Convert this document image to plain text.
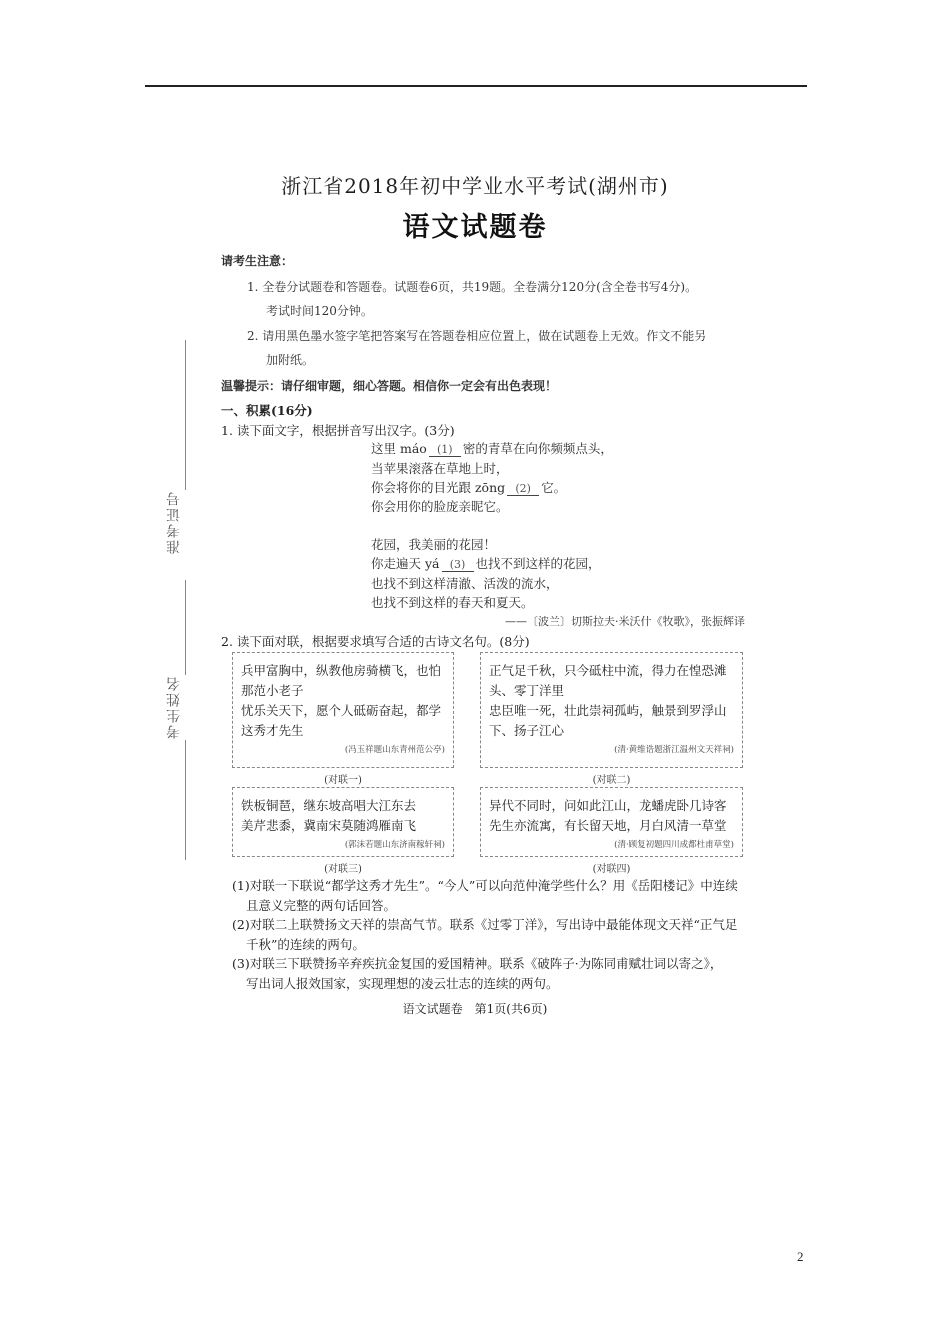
浙江省2018年初中学业水平考试(湖州市)
语文试题卷
准考证号
考生姓名
请考生注意：
1. 全卷分试题卷和答题卷。试题卷6页，共19题。全卷满分120分(含全卷书写4分)。
考试时间120分钟。
2. 请用黑色墨水签字笔把答案写在答题卷相应位置上，做在试题卷上无效。作文不能另
加附纸。
温馨提示：请仔细审题，细心答题。相信你一定会有出色表现！
一、积累(16分)
1. 读下面文字，根据拼音写出汉字。(3分)
这里 máo (1) 密的青草在向你频频点头，
当苹果滚落在草地上时，
你会将你的目光跟 zōng (2) 它。
你会用你的脸庞亲昵它。
花园，我美丽的花园！
你走遍天 yá (3) 也找不到这样的花园，
也找不到这样清澈、活泼的流水，
也找不到这样的春天和夏天。
——〔波兰〕切斯拉夫·米沃什《牧歌》，张振辉译
2. 读下面对联，根据要求填写合适的古诗文名句。(8分)
兵甲富胸中，纵教他房骑横飞，也怕
那范小老子
忧乐关天下，愿个人砥砺奋起，都学
这秀才先生
(冯玉祥题山东青州范公亭)
(对联一)
正气足千秋，只今砥柱中流，得力在惶恐滩
头、零丁洋里
忠臣唯一死，壮此崇祠孤屿，触景到罗浮山
下、扬子江心
(清·黄维诰题浙江温州文天祥祠)
(对联二)
铁板铜琶，继东坡高唱大江东去
美芹悲黍，冀南宋莫随鸿雁南飞
(郭沫若题山东济南稼轩祠)
(对联三)
异代不同时，问如此江山，龙蟠虎卧几诗客
先生亦流寓，有长留天地，月白风清一草堂
(清·顾复初题四川成都杜甫草堂)
(对联四)
(1)对联一下联说“都学这秀才先生”。“今人”可以向范仲淹学些什么？用《岳阳楼记》中连续
且意义完整的两句话回答。
(2)对联二上联赞扬文天祥的崇高气节。联系《过零丁洋》，写出诗中最能体现文天祥“正气足
千秋”的连续的两句。
(3)对联三下联赞扬辛弃疾抗金复国的爱国精神。联系《破阵子·为陈同甫赋壮词以寄之》，
写出词人报效国家，实现理想的凌云壮志的连续的两句。
语文试题卷　第1页(共6页)
2
